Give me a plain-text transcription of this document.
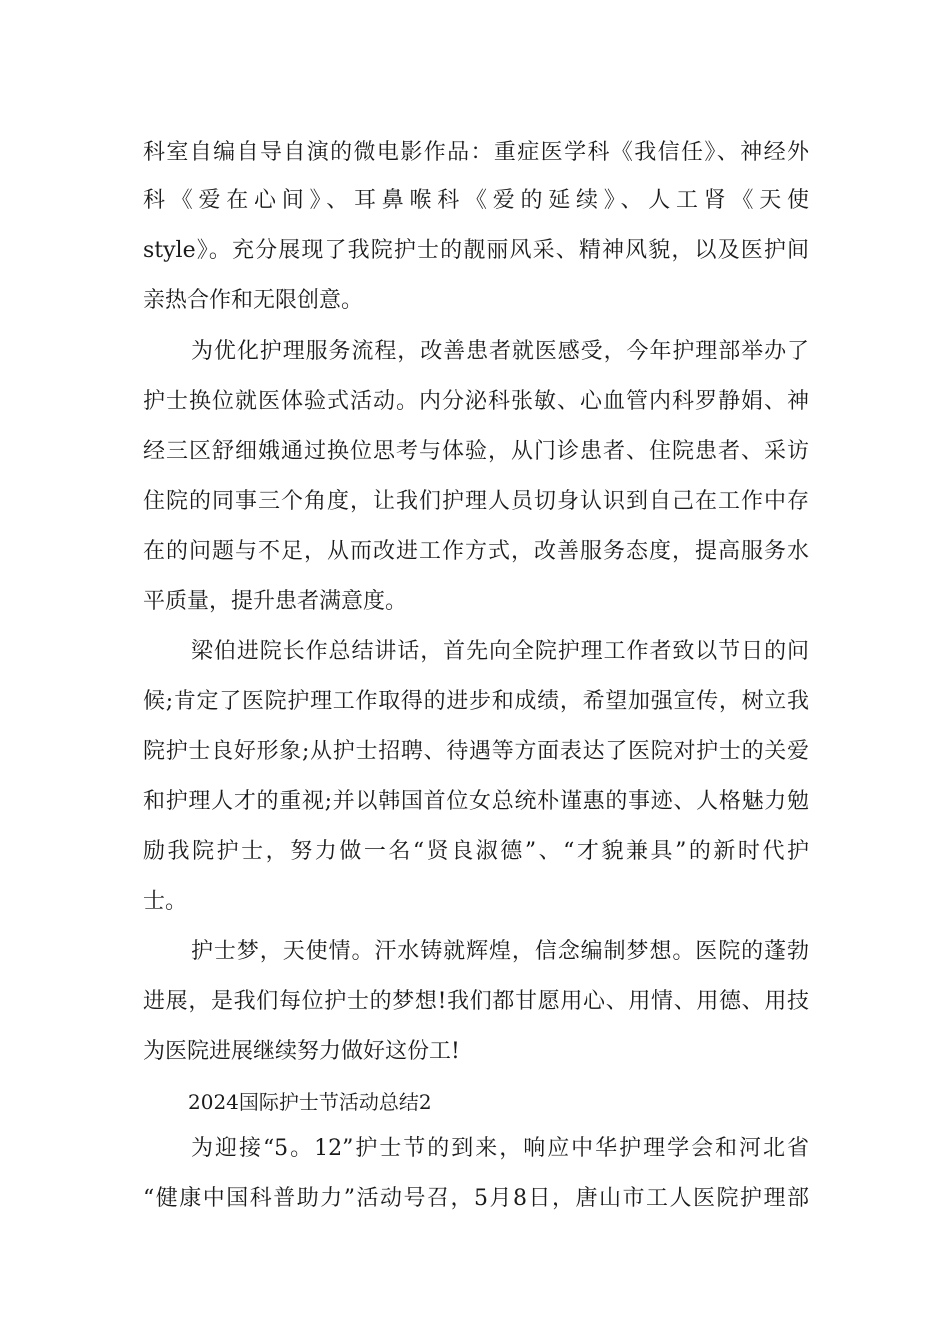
科室自编自导自演的微电影作品：重症医学科《我信任》、神经外
科《爱在心间》、耳鼻喉科《爱的延续》、人工肾《天使
style》。充分展现了我院护士的靓丽风采、精神风貌，以及医护间
亲热合作和无限创意。
为优化护理服务流程，改善患者就医感受，今年护理部举办了
护士换位就医体验式活动。内分泌科张敏、心血管内科罗静娟、神
经三区舒细娥通过换位思考与体验，从门诊患者、住院患者、采访
住院的同事三个角度，让我们护理人员切身认识到自己在工作中存
在的问题与不足，从而改进工作方式，改善服务态度，提高服务水
平质量，提升患者满意度。
梁伯进院长作总结讲话，首先向全院护理工作者致以节日的问
候;肯定了医院护理工作取得的进步和成绩，希望加强宣传，树立我
院护士良好形象;从护士招聘、待遇等方面表达了医院对护士的关爱
和护理人才的重视;并以韩国首位女总统朴谨惠的事迹、人格魅力勉
励我院护士，努力做一名“贤良淑德”、“才貌兼具”的新时代护
士。
护士梦，天使情。汗水铸就辉煌，信念编制梦想。医院的蓬勃
进展，是我们每位护士的梦想!我们都甘愿用心、用情、用德、用技
为医院进展继续努力做好这份工!
2024国际护士节活动总结2
为迎接“5。12”护士节的到来，响应中华护理学会和河北省
“健康中国科普助力”活动号召，5月8日，唐山市工人医院护理部
